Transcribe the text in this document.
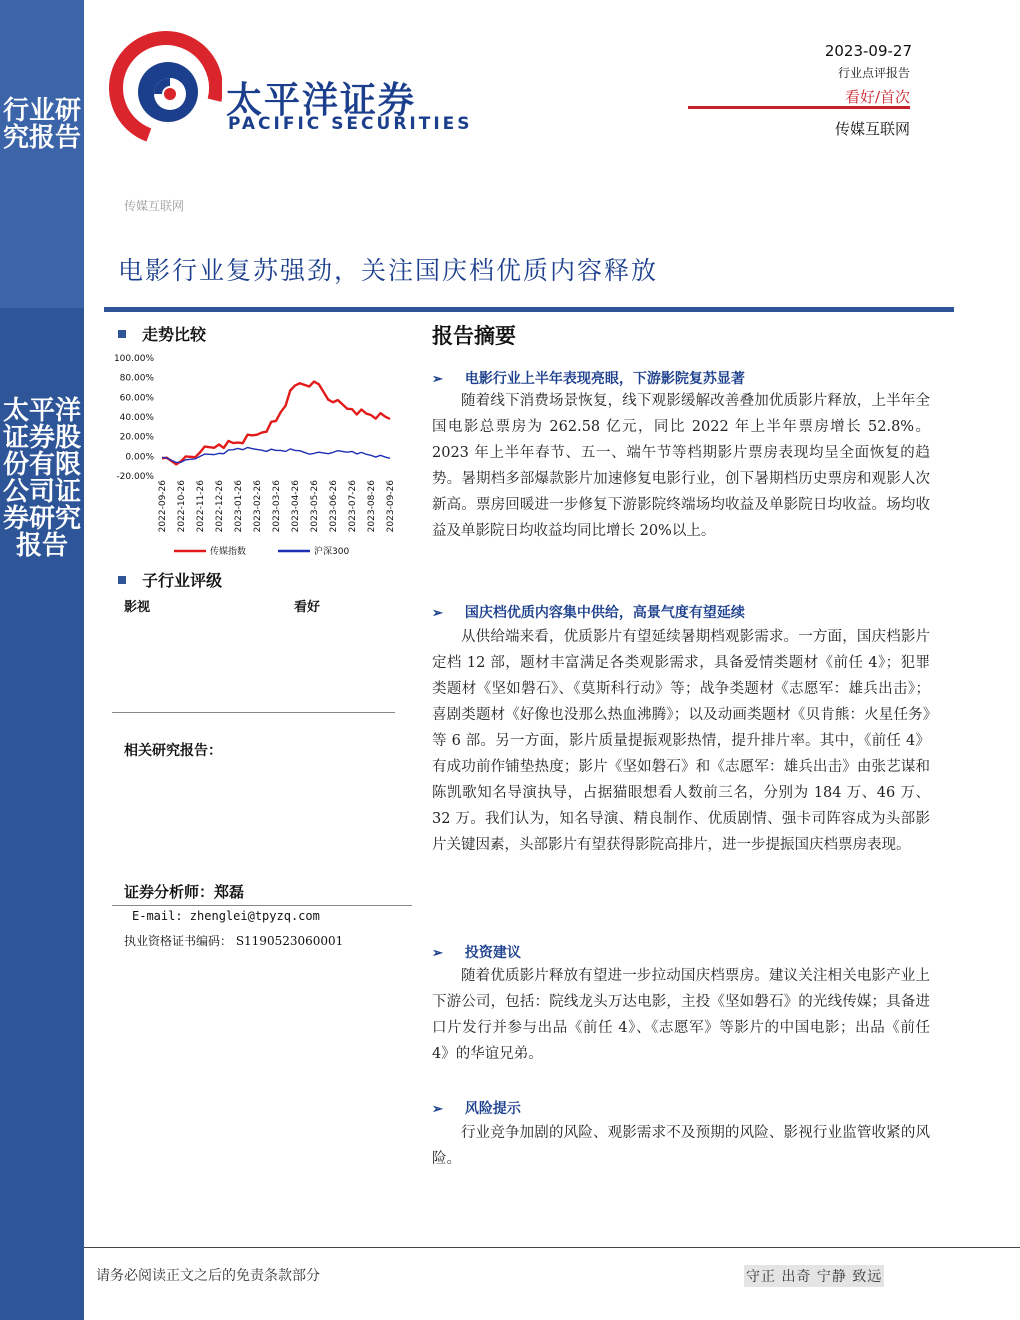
行业研究报告
太平洋证券股份有限公司证券研究报告
太平洋证券
PACIFIC SECURITIES
2023-09-27
行业点评报告
看好/首次
传媒互联网
传媒互联网
电影行业复苏强劲，关注国庆档优质内容释放
走势比较
100.00%
80.00%
60.00%
40.00%
20.00%
0.00%
-20.00%
2022-09-26 2022-10-26 2022-11-26 2022-12-26 2023-01-26 2023-02-26 2023-03-26 2023-04-26 2023-05-26 2023-06-26 2023-07-26 2023-08-26 2023-09-26
传媒指数	沪深300
子行业评级
影视	看好
相关研究报告：
证券分析师：郑磊
E-mail: zhenglei@tpyzq.com
执业资格证书编码： S1190523060001
报告摘要
➢ 电影行业上半年表现亮眼，下游影院复苏显著

随着线下消费场景恢复，线下观影缓解改善叠加优质影片释放，上半年全国电影总票房为 262.58 亿元，同比 2022 年上半年票房增长 52.8%。2023 年上半年春节、五一、端午节等档期影片票房表现均呈全面恢复的趋势。暑期档多部爆款影片加速修复电影行业，创下暑期档历史票房和观影人次新高。票房回暖进一步修复下游影院终端场均收益及单影院日均收益。场均收益及单影院日均收益均同比增长 20%以上。

➢ 国庆档优质内容集中供给，高景气度有望延续

从供给端来看，优质影片有望延续暑期档观影需求。一方面，国庆档影片定档 12 部，题材丰富满足各类观影需求，具备爱情类题材《前任 4》；犯罪类题材《坚如磐石》、《莫斯科行动》等；战争类题材《志愿军：雄兵出击》；喜剧类题材《好像也没那么热血沸腾》；以及动画类题材《贝肯熊：火星任务》等 6 部。另一方面，影片质量提振观影热情，提升排片率。其中，《前任 4》有成功前作铺垫热度；影片《坚如磐石》和《志愿军：雄兵出击》由张艺谋和陈凯歌知名导演执导，占据猫眼想看人数前三名，分别为 184 万、46 万、32 万。我们认为，知名导演、精良制作、优质剧情、强卡司阵容成为头部影片关键因素，头部影片有望获得影院高排片，进一步提振国庆档票房表现。

➢ 投资建议

随着优质影片释放有望进一步拉动国庆档票房。建议关注相关电影产业上下游公司，包括：院线龙头万达电影，主投《坚如磐石》的光线传媒；具备进口片发行并参与出品《前任 4》、《志愿军》等影片的中国电影；出品《前任 4》的华谊兄弟。

➢ 风险提示

行业竞争加剧的风险、观影需求不及预期的风险、影视行业监管收紧的风险。

请务必阅读正文之后的免责条款部分	守正 出奇 宁静 致远
